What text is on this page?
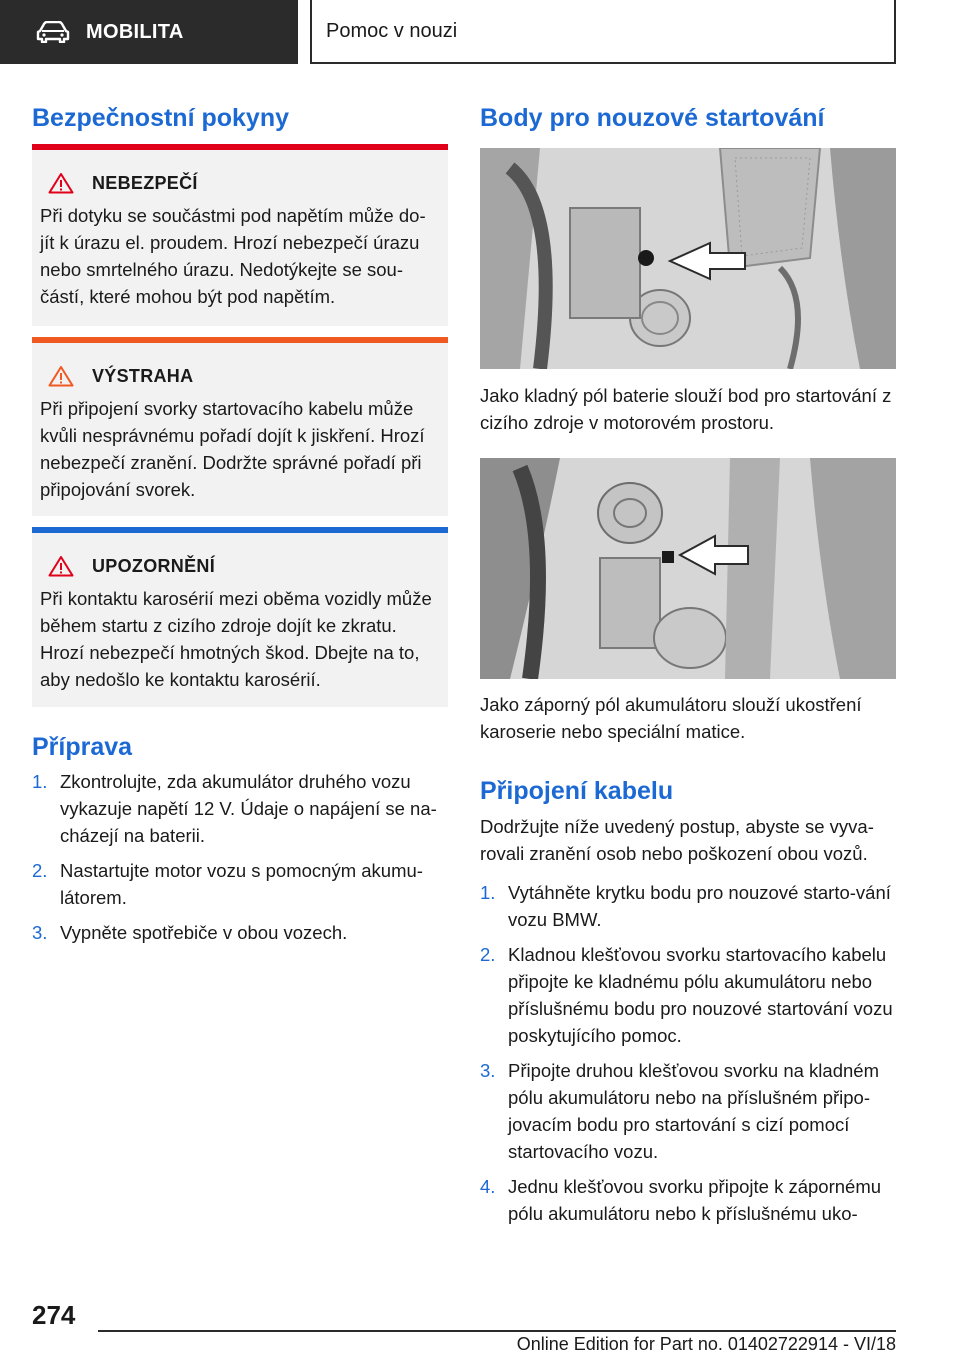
MOBILITA	Pomoc v nouzi
Bezpečnostní pokyny
NEBEZPEČÍ

Při dotyku se součástmi pod napětím může do-jít k úrazu el. proudem. Hrozí nebezpečí úrazu nebo smrtelného úrazu. Nedotýkejte se sou-částí, které mohou být pod napětím.

VÝSTRAHA

Při připojení svorky startovacího kabelu může kvůli nesprávnému pořadí dojít k jiskření. Hrozí nebezpečí zranění. Dodržte správné pořadí při připojování svorek.

UPOZORNĚNÍ

Při kontaktu karosérií mezi oběma vozidly může během startu z cizího zdroje dojít ke zkratu. Hrozí nebezpečí hmotných škod. Dbejte na to, aby nedošlo ke kontaktu karosérií.

Příprava
1. Zkontrolujte, zda akumulátor druhého vozu vykazuje napětí 12 V. Údaje o napájení se na-cházejí na baterii.
2. Nastartujte motor vozu s pomocným akumu-látorem.
3. Vypněte spotřebiče v obou vozech.
Body pro nouzové startování

Jako kladný pól baterie slouží bod pro startování z cizího zdroje v motorovém prostoru.

Jako záporný pól akumulátoru slouží ukostření karoserie nebo speciální matice.

Připojení kabelu

Dodržujte níže uvedený postup, abyste se vyva-rovali zranění osob nebo poškození obou vozů.

1. Vytáhněte krytku bodu pro nouzové starto-vání vozu BMW.
2. Kladnou klešťovou svorku startovacího kabelu připojte ke kladnému pólu akumulátoru nebo příslušnému bodu pro nouzové startování vozu poskytujícího pomoc.
3. Připojte druhou klešťovou svorku na kladném pólu akumulátoru nebo na příslušném připo-jovacím bodu pro startování s cizí pomocí startovacího vozu.
4. Jednu klešťovou svorku připojte k zápornému pólu akumulátoru nebo k příslušnému uko-
274
Online Edition for Part no. 01402722914 - VI/18
